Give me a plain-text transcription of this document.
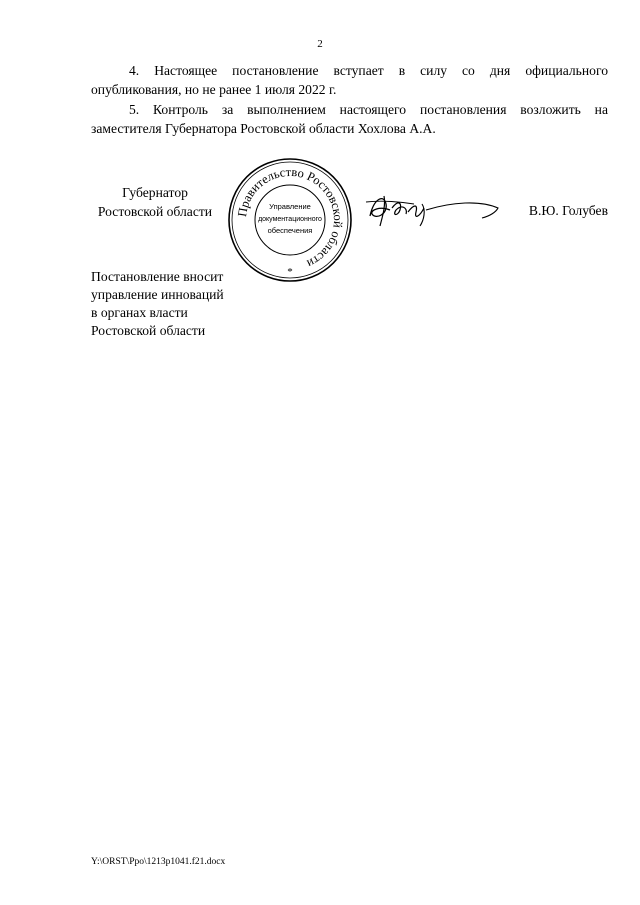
2

4. Настоящее постановление вступает в силу со дня официального опубликования, но не ранее 1 июля 2022 г.

5. Контроль за выполнением настоящего постановления возложить на заместителя Губернатора Ростовской области Хохлова А.А.

Губернатор
Ростовской области	Правительство Ростовской области
Управление
документационного
обеспечения
*
В.Ю. Голубев
Постановление вносит
управление инноваций
в органах власти
Ростовской области
Y:\ORST\Ppo\1213p1041.f21.docx
